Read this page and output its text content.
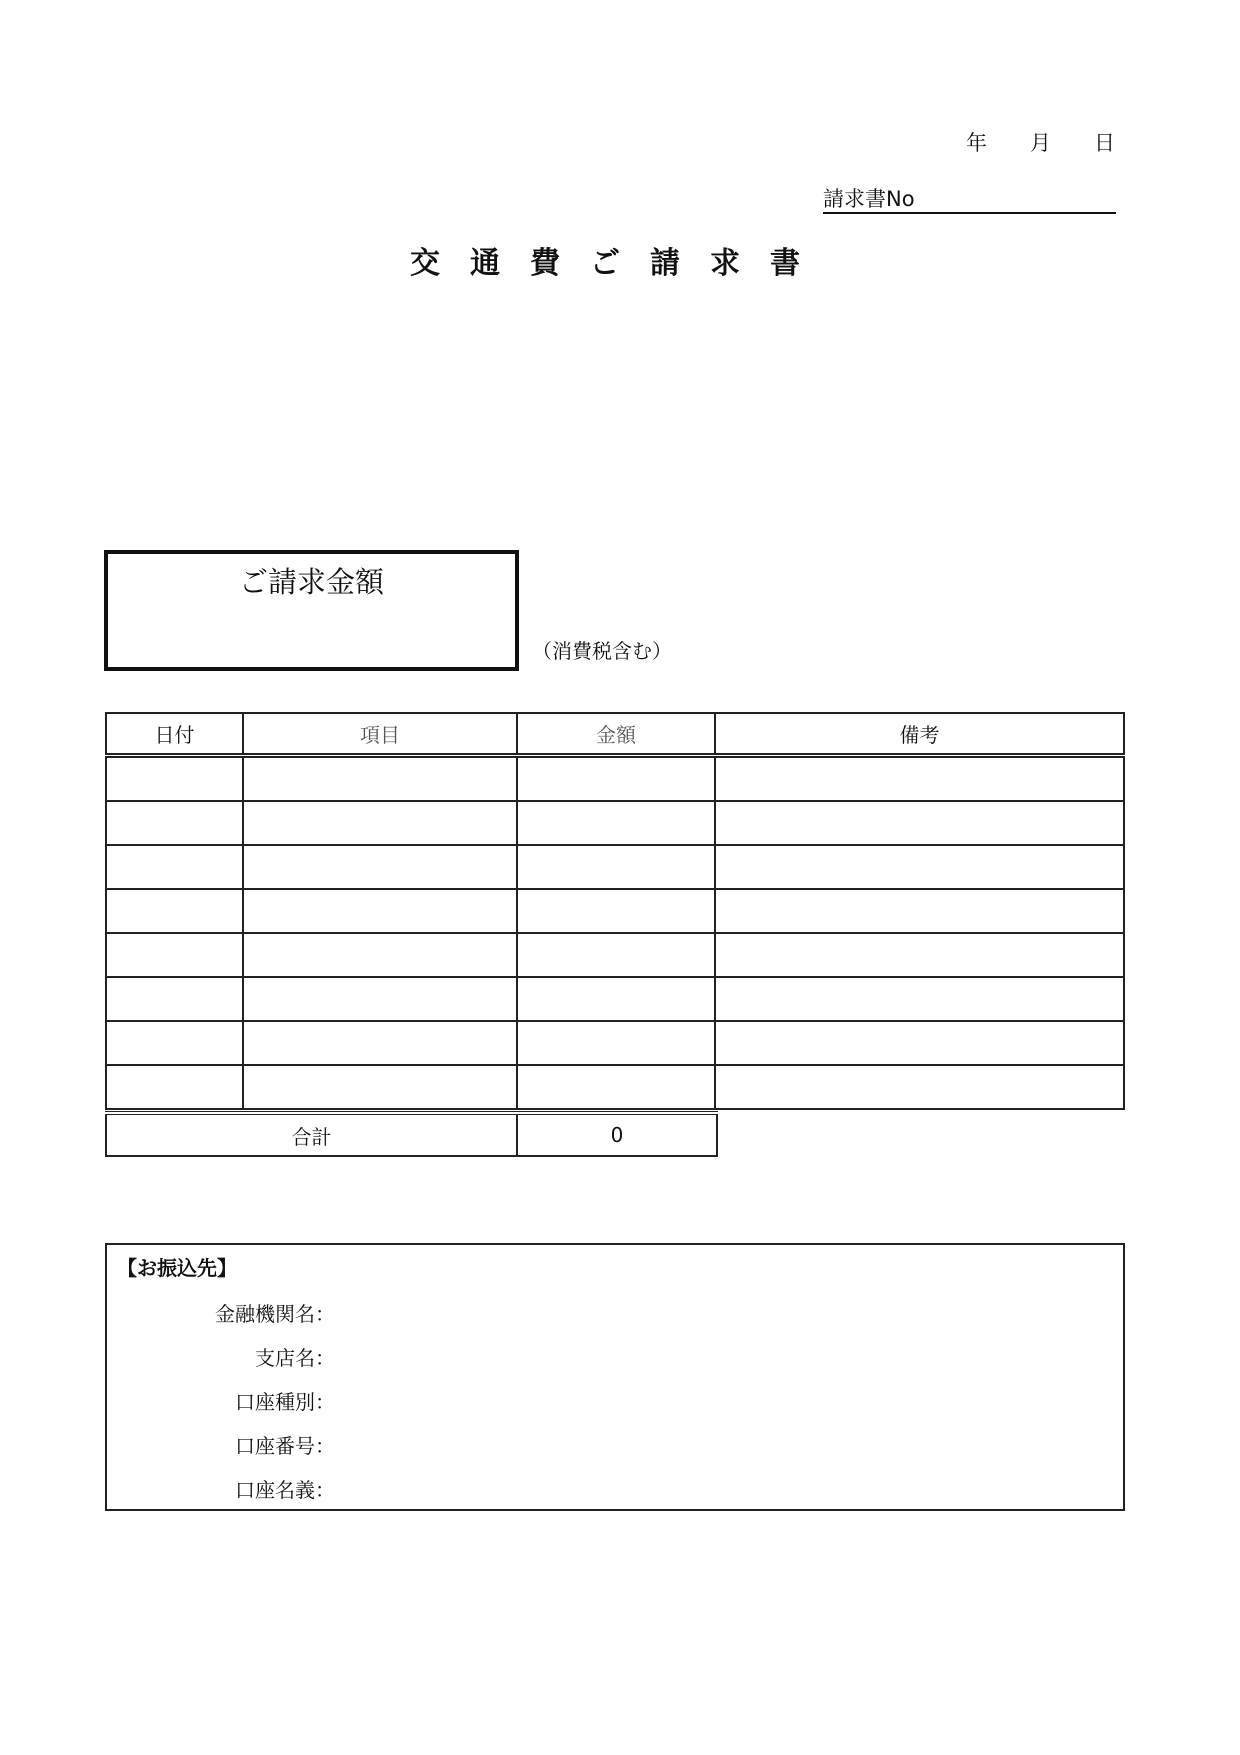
年 月 日
請求書No
交通費ご請求書
ご請求金額
（消費税含む）
日付	項目	金額	備考

合計	0
【お振込先】
金融機関名：
支店名：
口座種別：
口座番号：
口座名義：
